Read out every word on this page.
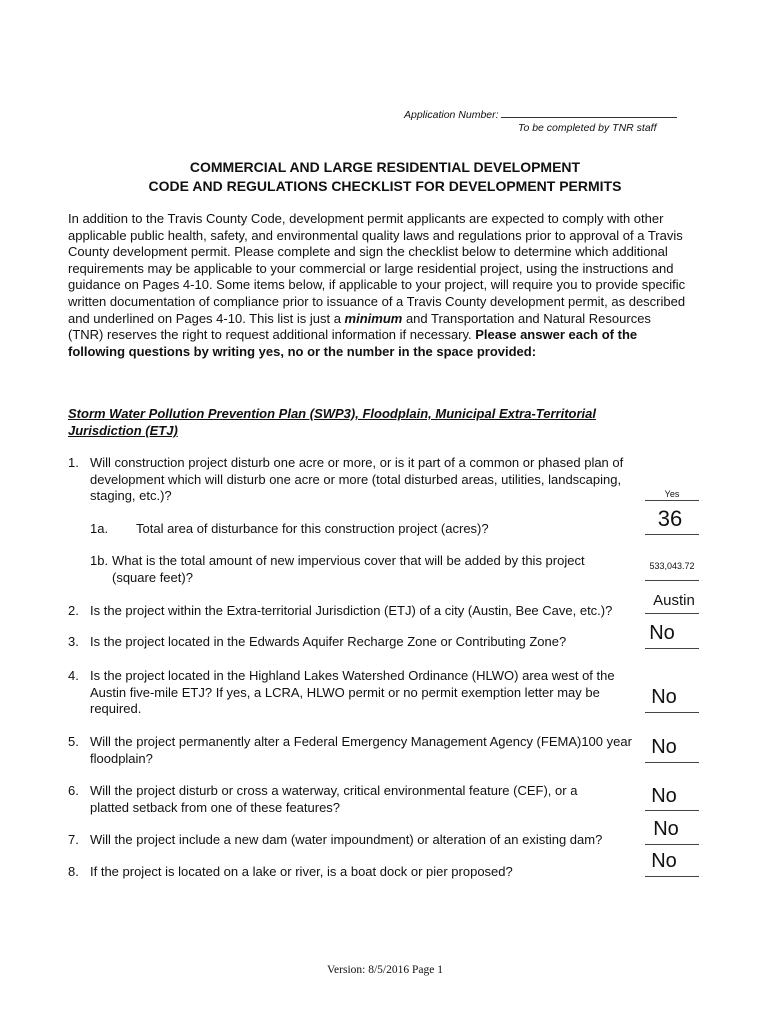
Application Number:
To be completed by TNR staff
COMMERCIAL AND LARGE RESIDENTIAL DEVELOPMENT
CODE AND REGULATIONS CHECKLIST FOR DEVELOPMENT PERMITS
In addition to the Travis County Code, development permit applicants are expected to comply with other applicable public health, safety, and environmental quality laws and regulations prior to approval of a Travis County development permit. Please complete and sign the checklist below to determine which additional requirements may be applicable to your commercial or large residential project, using the instructions and guidance on Pages 4-10. Some items below, if applicable to your project, will require you to provide specific written documentation of compliance prior to issuance of a Travis County development permit, as described and underlined on Pages 4-10. This list is just a minimum and Transportation and Natural Resources (TNR) reserves the right to request additional information if necessary. Please answer each of the following questions by writing yes, no or the number in the space provided:
Storm Water Pollution Prevention Plan (SWP3), Floodplain, Municipal Extra-Territorial Jurisdiction (ETJ)
1. Will construction project disturb one acre or more, or is it part of a common or phased plan of development which will disturb one acre or more (total disturbed areas, utilities, landscaping, staging, etc.)?	Yes
1a. Total area of disturbance for this construction project (acres)?	36
1b. What is the total amount of new impervious cover that will be added by this project (square feet)?
533,043.72
2. Is the project within the Extra-territorial Jurisdiction (ETJ) of a city (Austin, Bee Cave, etc.)?
Austin
3. Is the project located in the Edwards Aquifer Recharge Zone or Contributing Zone?	No
4. Is the project located in the Highland Lakes Watershed Ordinance (HLWO) area west of the Austin five-mile ETJ? If yes, a LCRA, HLWO permit or no permit exemption letter may be required.
No
5. Will the project permanently alter a Federal Emergency Management Agency (FEMA)100 year floodplain?
No
6. Will the project disturb or cross a waterway, critical environmental feature (CEF), or a platted setback from one of these features?
No
7. Will the project include a new dam (water impoundment) or alteration of an existing dam?	No
8. If the project is located on a lake or river, is a boat dock or pier proposed?	No
Version: 8/5/2016 Page 1
